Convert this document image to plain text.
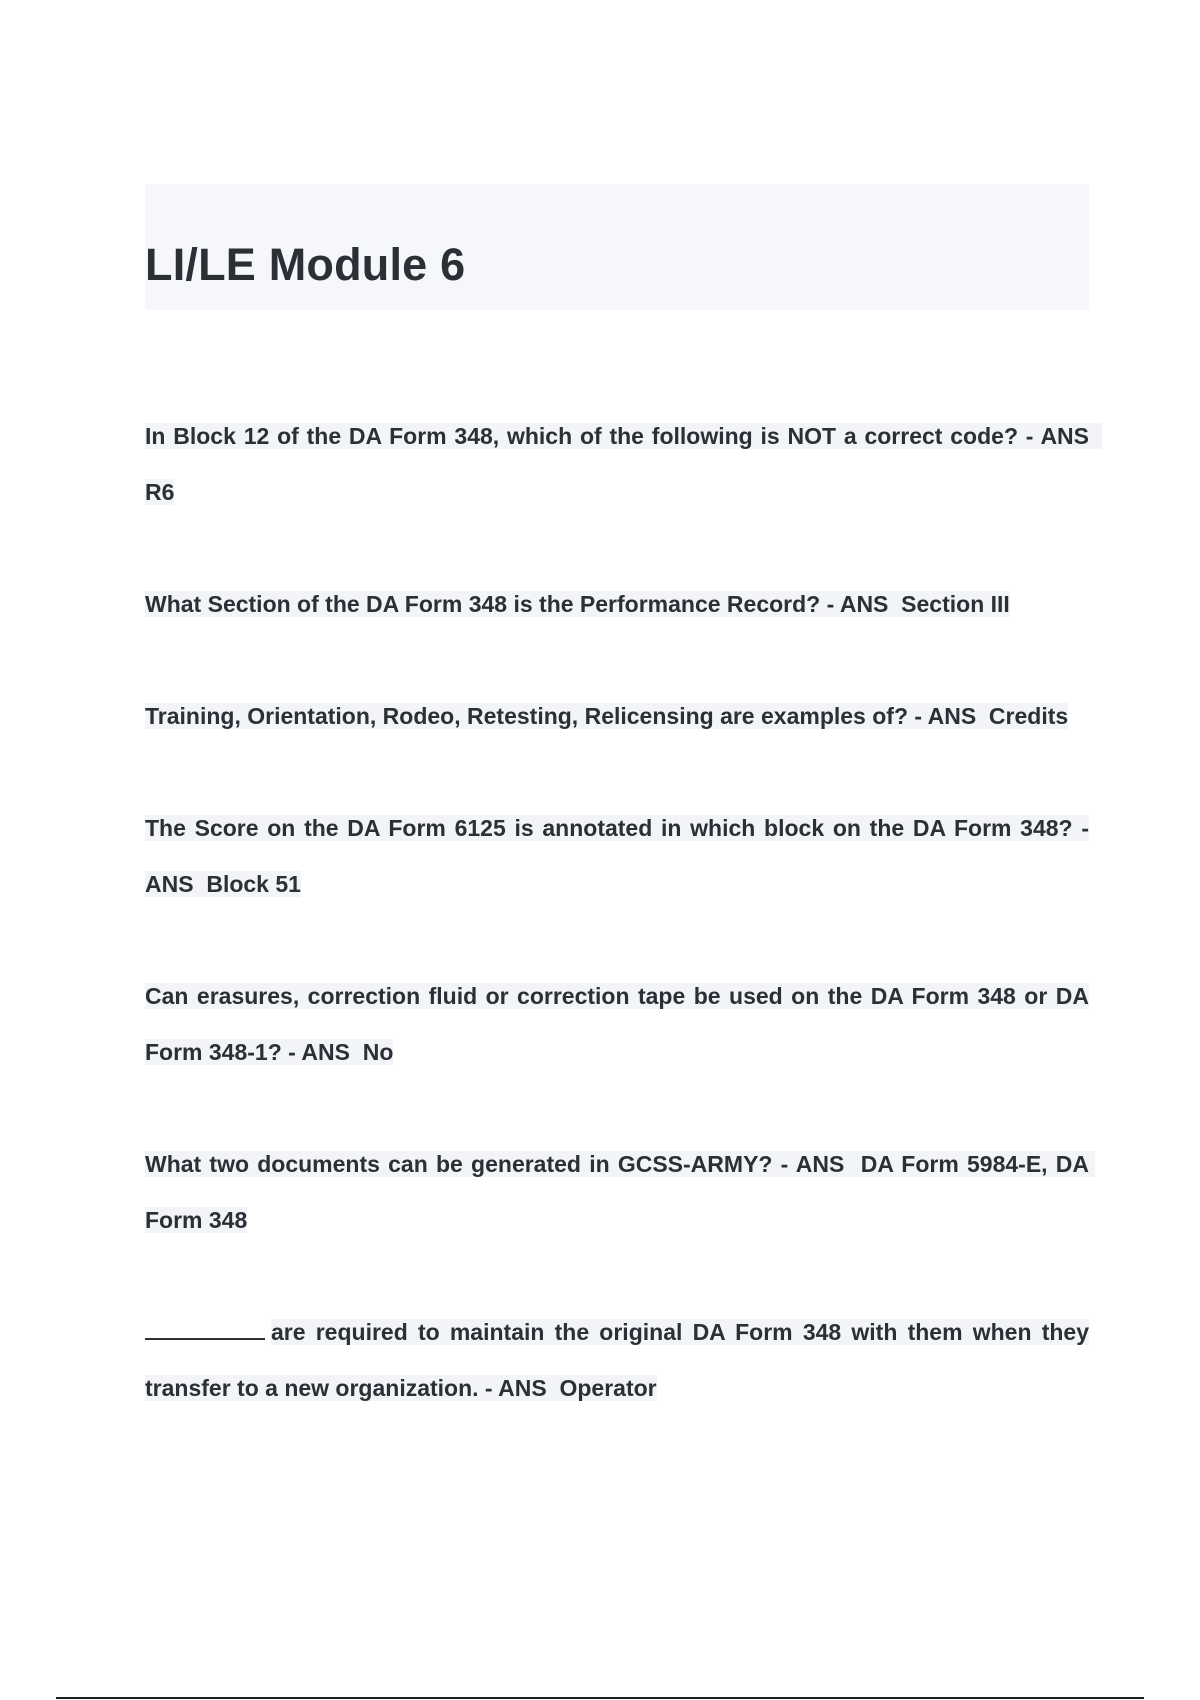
LI/LE Module 6

In Block 12 of the DA Form 348, which of the following is NOT a correct code? - ANS  R6

What Section of the DA Form 348 is the Performance Record? - ANS  Section III

Training, Orientation, Rodeo, Retesting, Relicensing are examples of? - ANS  Credits

The Score on the DA Form 6125 is annotated in which block on the DA Form 348? - ANS  Block 51

Can erasures, correction fluid or correction tape be used on the DA Form 348 or DA Form 348-1? - ANS  No

What two documents can be generated in GCSS-ARMY? - ANS  DA Form 5984-E, DA Form 348

are required to maintain the original DA Form 348 with them when they transfer to a new organization. - ANS  Operator
